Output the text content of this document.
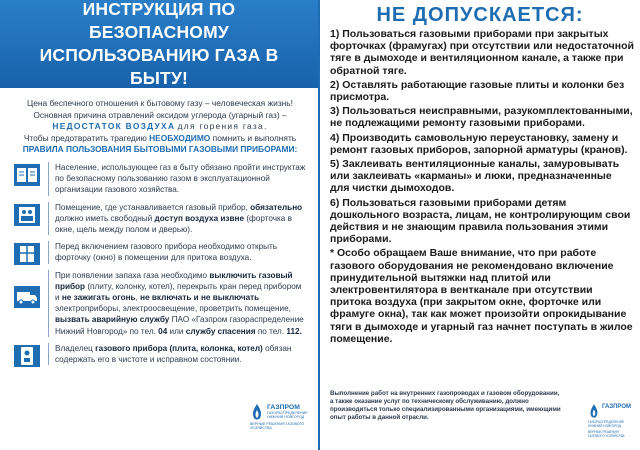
ИНСТРУКЦИЯ ПО БЕЗОПАСНОМУ
ИСПОЛЬЗОВАНИЮ ГАЗА В БЫТУ!
Цена беспечного отношения к бытовому газу – человеческая жизнь!
Основная причина отравлений оксидом углерода (угарный газ) –
НЕДОСТАТОК ВОЗДУХА для горения газа.
Чтобы предотвратить трагедию НЕОБХОДИМО помнить и выполнять
ПРАВИЛА ПОЛЬЗОВАНИЯ БЫТОВЫМИ ГАЗОВЫМИ ПРИБОРАМИ:
Население, использующее газ в быту обязано пройти инструктаж по безопасному пользованию газом в эксплуатационной организации газового хозяйства.
Помещение, где устанавливается газовый прибор, обязательно должно иметь свободный доступ воздуха извне (форточка в окне, щель между полом и дверью).
Перед включением газового прибора необходимо открыть форточку (окно) в помещении для притока воздуха.
При появлении запаха газа необходимо выключить газовый прибор (плиту, колонку, котел), перекрыть кран перед прибором и не зажигать огонь, не включать и не выключать электроприборы, электроосвещение, проветрить помещение, вызвать аварийную службу ПАО «Газпром газораспределение Нижний Новгород» по тел. 04 или службу спасения по тел. 112.
Владелец газового прибора (плита, колонка, котел) обязан содержать его в чистоте и исправном состоянии.
ГАЗПРОМ
ГАЗОРАСПРЕДЕЛЕНИЕ
НИЖНИЙ НОВГОРОД
ВЕРНЫЕ РЕШЕНИЯ ГАЗОВОГО ХОЗЯЙСТВА
НЕ ДОПУСКАЕТСЯ:
1) Пользоваться газовыми приборами при закрытых форточках (фрамугах) при отсутствии или недостаточной тяге в дымоходе и вентиляционном канале, а также при обратной тяге.
2) Оставлять работающие газовые плиты и колонки без присмотра.
3) Пользоваться неисправными, разукомплектованными, не подлежащими ремонту газовыми приборами.
4) Производить самовольную переустановку, замену и ремонт газовых приборов, запорной арматуры (кранов).
5) Заклеивать вентиляционные каналы, замуровывать или заклеивать «карманы» и люки, предназначенные для чистки дымоходов.
6) Пользоваться газовыми приборами детям дошкольного возраста, лицам, не контролирующим свои действия и не знающим правила пользования этими приборами.
* Особо обращаем Ваше внимание, что при работе газового оборудования не рекомендовано включение принудительной вытяжки над плитой или электровентилятора в вентканале при отсутствии притока воздуха (при закрытом окне, форточке или фрамуге окна), так как может произойти опрокидывание тяги в дымоходе и угарный газ начнет поступать в жилое помещение.
Выполнение работ на внутренних газопроводах и газовом оборудовании, а также оказание услуг по техническому обслуживанию, должно производиться только специализированными организациями, имеющими опыт работы в данной отрасли.
ГАЗПРОМ
ГАЗОРАСПРЕДЕЛЕНИЕ
НИЖНИЙ НОВГОРОД
ВЕРНЫЕ РЕШЕНИЯ ГАЗОВОГО ХОЗЯЙСТВА
